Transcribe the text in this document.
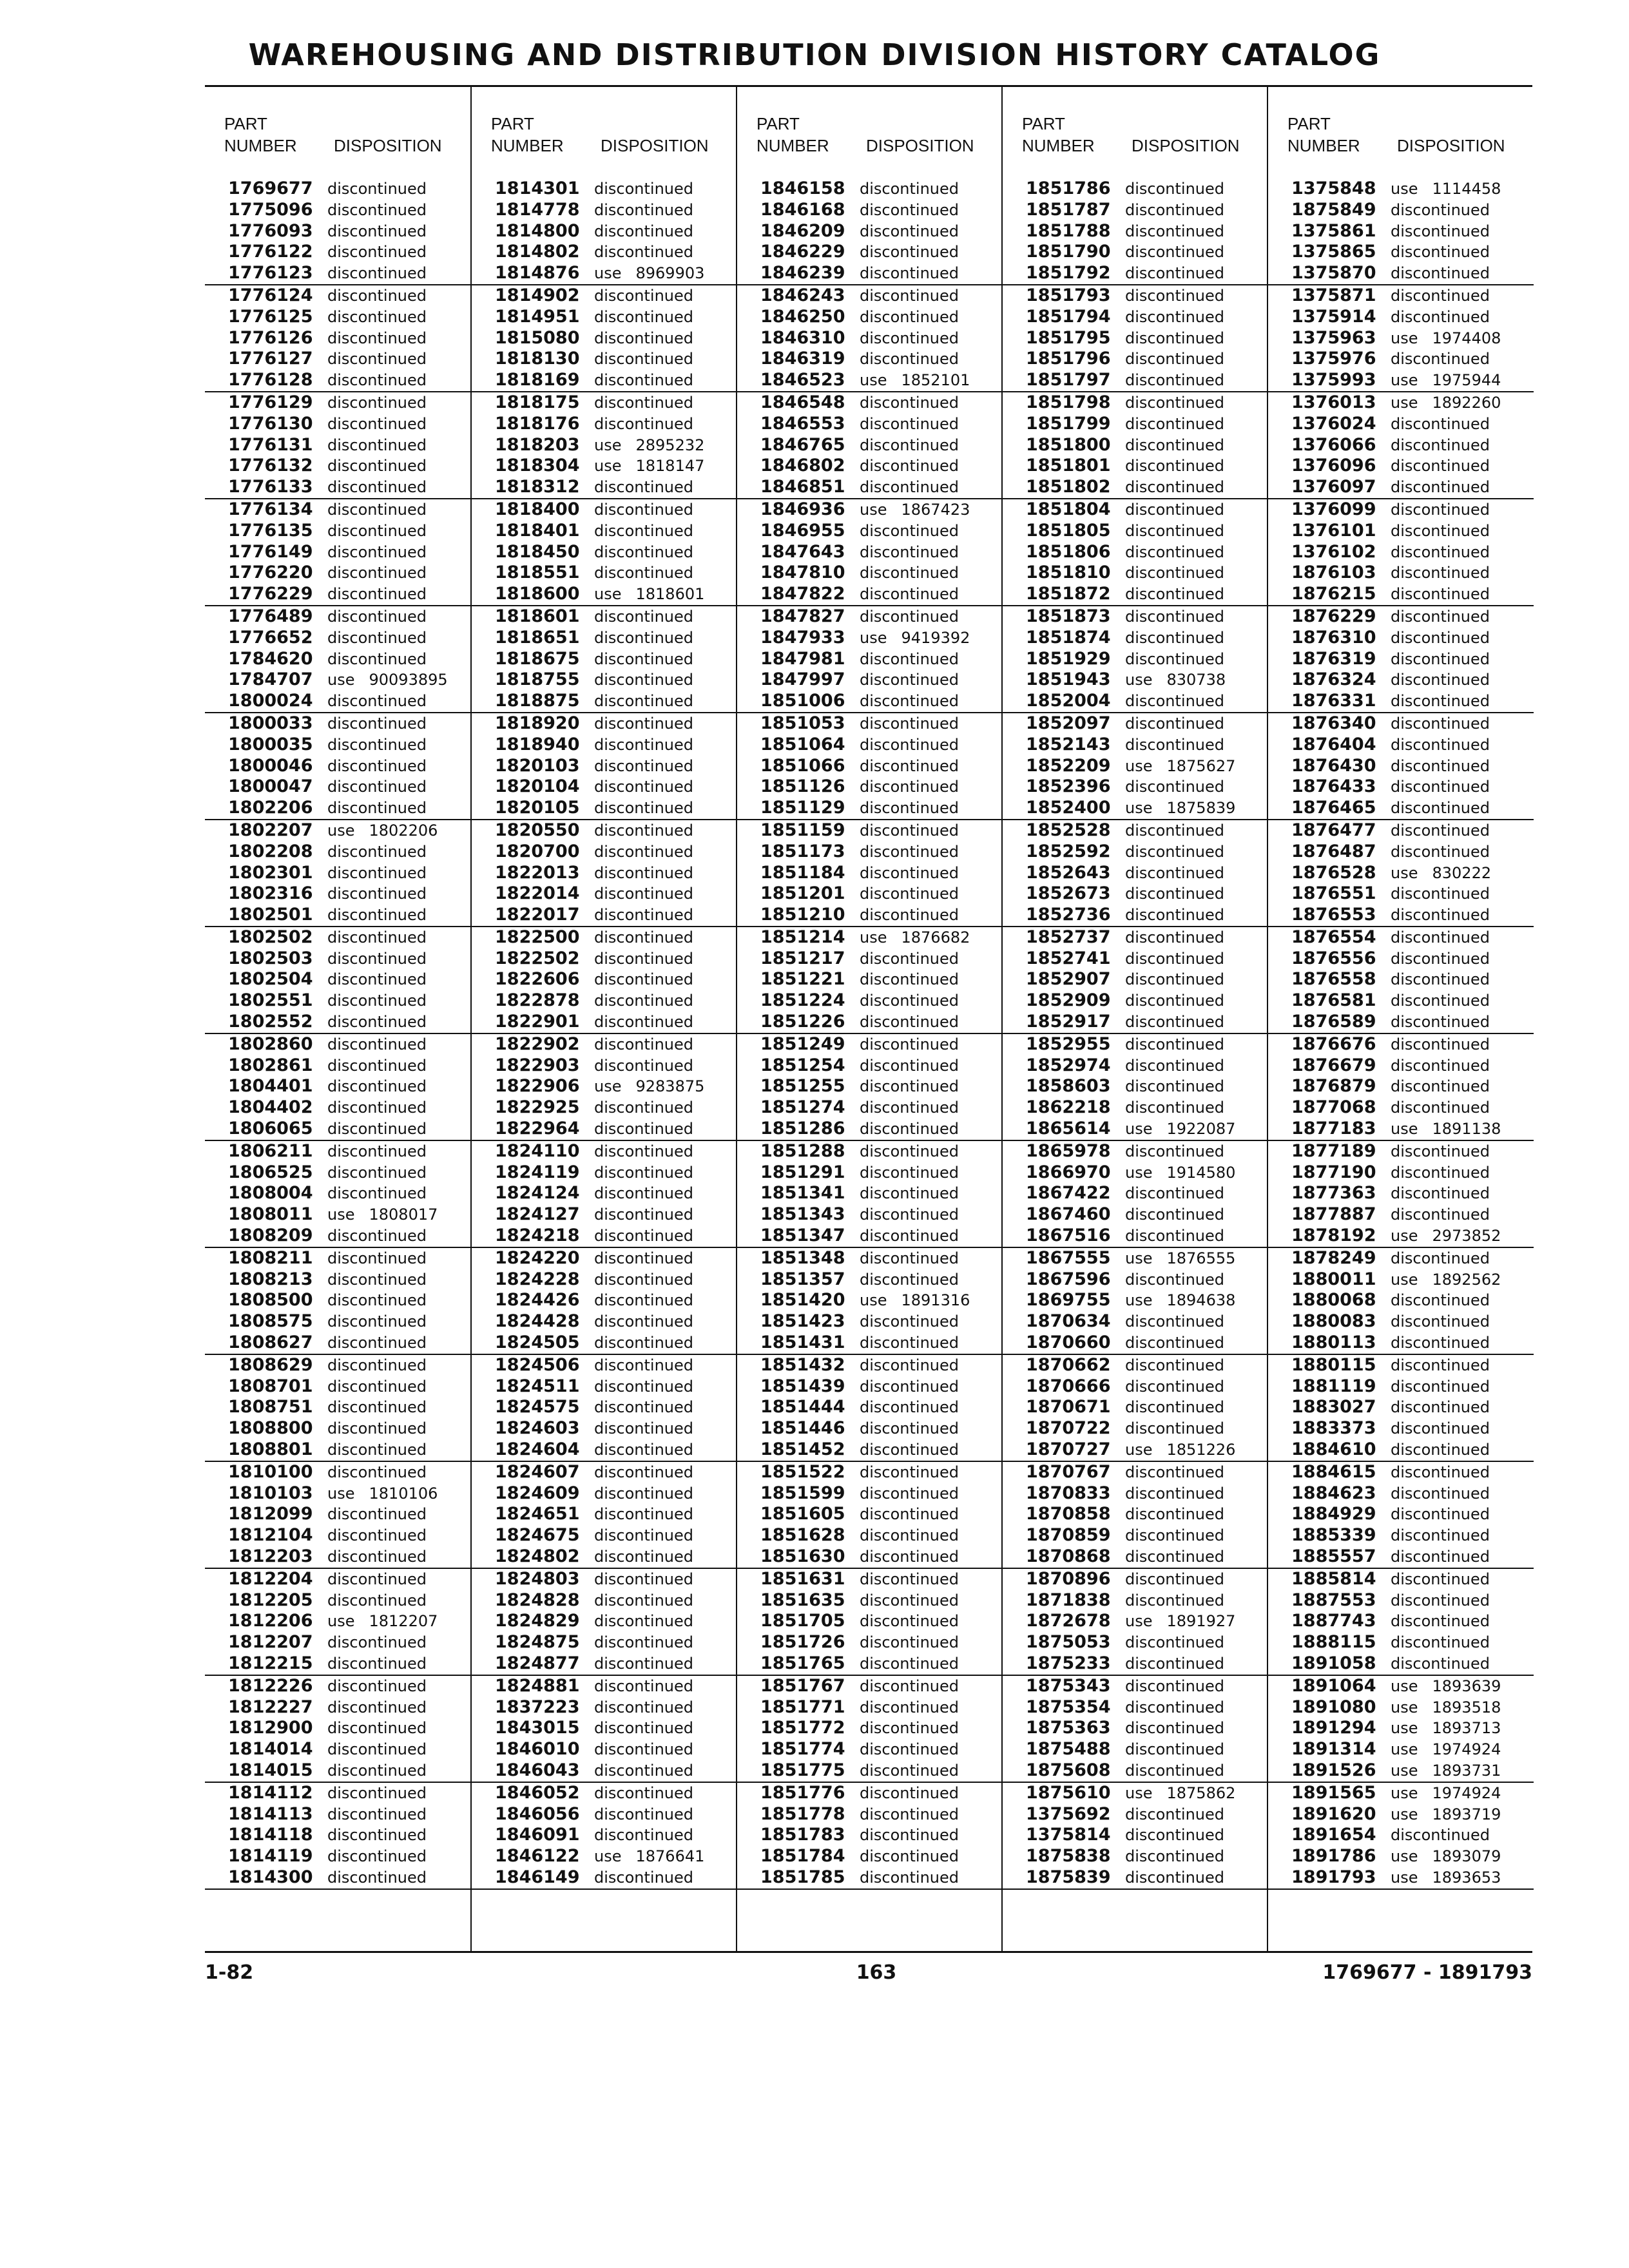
WAREHOUSING AND DISTRIBUTION DIVISION HISTORY CATALOG
PART
NUMBER DISPOSITION
1769677 discontinued
1775096 discontinued
1776093 discontinued
1776122 discontinued
1776123 discontinued
1776124 discontinued
1776125 discontinued
1776126 discontinued
1776127 discontinued
1776128 discontinued
1776129 discontinued
1776130 discontinued
1776131 discontinued
1776132 discontinued
1776133 discontinued
1776134 discontinued
1776135 discontinued
1776149 discontinued
1776220 discontinued
1776229 discontinued
1776489 discontinued
1776652 discontinued
1784620 discontinued
1784707 use 90093895
1800024 discontinued
1800033 discontinued
1800035 discontinued
1800046 discontinued
1800047 discontinued
1802206 discontinued
1802207 use 1802206
1802208 discontinued
1802301 discontinued
1802316 discontinued
1802501 discontinued
1802502 discontinued
1802503 discontinued
1802504 discontinued
1802551 discontinued
1802552 discontinued
1802860 discontinued
1802861 discontinued
1804401 discontinued
1804402 discontinued
1806065 discontinued
1806211 discontinued
1806525 discontinued
1808004 discontinued
1808011 use 1808017
1808209 discontinued
1808211 discontinued
1808213 discontinued
1808500 discontinued
1808575 discontinued
1808627 discontinued
1808629 discontinued
1808701 discontinued
1808751 discontinued
1808800 discontinued
1808801 discontinued
1810100 discontinued
1810103 use 1810106
1812099 discontinued
1812104 discontinued
1812203 discontinued
1812204 discontinued
1812205 discontinued
1812206 use 1812207
1812207 discontinued
1812215 discontinued
1812226 discontinued
1812227 discontinued
1812900 discontinued
1814014 discontinued
1814015 discontinued
1814112 discontinued
1814113 discontinued
1814118 discontinued
1814119 discontinued
1814300 discontinued
PART
NUMBER DISPOSITION
1814301 discontinued
1814778 discontinued
1814800 discontinued
1814802 discontinued
1814876 use 8969903
1814902 discontinued
1814951 discontinued
1815080 discontinued
1818130 discontinued
1818169 discontinued
1818175 discontinued
1818176 discontinued
1818203 use 2895232
1818304 use 1818147
1818312 discontinued
1818400 discontinued
1818401 discontinued
1818450 discontinued
1818551 discontinued
1818600 use 1818601
1818601 discontinued
1818651 discontinued
1818675 discontinued
1818755 discontinued
1818875 discontinued
1818920 discontinued
1818940 discontinued
1820103 discontinued
1820104 discontinued
1820105 discontinued
1820550 discontinued
1820700 discontinued
1822013 discontinued
1822014 discontinued
1822017 discontinued
1822500 discontinued
1822502 discontinued
1822606 discontinued
1822878 discontinued
1822901 discontinued
1822902 discontinued
1822903 discontinued
1822906 use 9283875
1822925 discontinued
1822964 discontinued
1824110 discontinued
1824119 discontinued
1824124 discontinued
1824127 discontinued
1824218 discontinued
1824220 discontinued
1824228 discontinued
1824426 discontinued
1824428 discontinued
1824505 discontinued
1824506 discontinued
1824511 discontinued
1824575 discontinued
1824603 discontinued
1824604 discontinued
1824607 discontinued
1824609 discontinued
1824651 discontinued
1824675 discontinued
1824802 discontinued
1824803 discontinued
1824828 discontinued
1824829 discontinued
1824875 discontinued
1824877 discontinued
1824881 discontinued
1837223 discontinued
1843015 discontinued
1846010 discontinued
1846043 discontinued
1846052 discontinued
1846056 discontinued
1846091 discontinued
1846122 use 1876641
1846149 discontinued
PART
NUMBER DISPOSITION
1846158 discontinued
1846168 discontinued
1846209 discontinued
1846229 discontinued
1846239 discontinued
1846243 discontinued
1846250 discontinued
1846310 discontinued
1846319 discontinued
1846523 use 1852101
1846548 discontinued
1846553 discontinued
1846765 discontinued
1846802 discontinued
1846851 discontinued
1846936 use 1867423
1846955 discontinued
1847643 discontinued
1847810 discontinued
1847822 discontinued
1847827 discontinued
1847933 use 9419392
1847981 discontinued
1847997 discontinued
1851006 discontinued
1851053 discontinued
1851064 discontinued
1851066 discontinued
1851126 discontinued
1851129 discontinued
1851159 discontinued
1851173 discontinued
1851184 discontinued
1851201 discontinued
1851210 discontinued
1851214 use 1876682
1851217 discontinued
1851221 discontinued
1851224 discontinued
1851226 discontinued
1851249 discontinued
1851254 discontinued
1851255 discontinued
1851274 discontinued
1851286 discontinued
1851288 discontinued
1851291 discontinued
1851341 discontinued
1851343 discontinued
1851347 discontinued
1851348 discontinued
1851357 discontinued
1851420 use 1891316
1851423 discontinued
1851431 discontinued
1851432 discontinued
1851439 discontinued
1851444 discontinued
1851446 discontinued
1851452 discontinued
1851522 discontinued
1851599 discontinued
1851605 discontinued
1851628 discontinued
1851630 discontinued
1851631 discontinued
1851635 discontinued
1851705 discontinued
1851726 discontinued
1851765 discontinued
1851767 discontinued
1851771 discontinued
1851772 discontinued
1851774 discontinued
1851775 discontinued
1851776 discontinued
1851778 discontinued
1851783 discontinued
1851784 discontinued
1851785 discontinued
PART
NUMBER DISPOSITION
1851786 discontinued
1851787 discontinued
1851788 discontinued
1851790 discontinued
1851792 discontinued
1851793 discontinued
1851794 discontinued
1851795 discontinued
1851796 discontinued
1851797 discontinued
1851798 discontinued
1851799 discontinued
1851800 discontinued
1851801 discontinued
1851802 discontinued
1851804 discontinued
1851805 discontinued
1851806 discontinued
1851810 discontinued
1851872 discontinued
1851873 discontinued
1851874 discontinued
1851929 discontinued
1851943 use 830738
1852004 discontinued
1852097 discontinued
1852143 discontinued
1852209 use 1875627
1852396 discontinued
1852400 use 1875839
1852528 discontinued
1852592 discontinued
1852643 discontinued
1852673 discontinued
1852736 discontinued
1852737 discontinued
1852741 discontinued
1852907 discontinued
1852909 discontinued
1852917 discontinued
1852955 discontinued
1852974 discontinued
1858603 discontinued
1862218 discontinued
1865614 use 1922087
1865978 discontinued
1866970 use 1914580
1867422 discontinued
1867460 discontinued
1867516 discontinued
1867555 use 1876555
1867596 discontinued
1869755 use 1894638
1870634 discontinued
1870660 discontinued
1870662 discontinued
1870666 discontinued
1870671 discontinued
1870722 discontinued
1870727 use 1851226
1870767 discontinued
1870833 discontinued
1870858 discontinued
1870859 discontinued
1870868 discontinued
1870896 discontinued
1871838 discontinued
1872678 use 1891927
1875053 discontinued
1875233 discontinued
1875343 discontinued
1875354 discontinued
1875363 discontinued
1875488 discontinued
1875608 discontinued
1875610 use 1875862
1375692 discontinued
1375814 discontinued
1875838 discontinued
1875839 discontinued
PART
NUMBER DISPOSITION
1375848 use 1114458
1875849 discontinued
1375861 discontinued
1375865 discontinued
1375870 discontinued
1375871 discontinued
1375914 discontinued
1375963 use 1974408
1375976 discontinued
1375993 use 1975944
1376013 use 1892260
1376024 discontinued
1376066 discontinued
1376096 discontinued
1376097 discontinued
1376099 discontinued
1376101 discontinued
1376102 discontinued
1876103 discontinued
1876215 discontinued
1876229 discontinued
1876310 discontinued
1876319 discontinued
1876324 discontinued
1876331 discontinued
1876340 discontinued
1876404 discontinued
1876430 discontinued
1876433 discontinued
1876465 discontinued
1876477 discontinued
1876487 discontinued
1876528 use 830222
1876551 discontinued
1876553 discontinued
1876554 discontinued
1876556 discontinued
1876558 discontinued
1876581 discontinued
1876589 discontinued
1876676 discontinued
1876679 discontinued
1876879 discontinued
1877068 discontinued
1877183 use 1891138
1877189 discontinued
1877190 discontinued
1877363 discontinued
1877887 discontinued
1878192 use 2973852
1878249 discontinued
1880011 use 1892562
1880068 discontinued
1880083 discontinued
1880113 discontinued
1880115 discontinued
1881119 discontinued
1883027 discontinued
1883373 discontinued
1884610 discontinued
1884615 discontinued
1884623 discontinued
1884929 discontinued
1885339 discontinued
1885557 discontinued
1885814 discontinued
1887553 discontinued
1887743 discontinued
1888115 discontinued
1891058 discontinued
1891064 use 1893639
1891080 use 1893518
1891294 use 1893713
1891314 use 1974924
1891526 use 1893731
1891565 use 1974924
1891620 use 1893719
1891654 discontinued
1891786 use 1893079
1891793 use 1893653
1-82	163	1769677 - 1891793
